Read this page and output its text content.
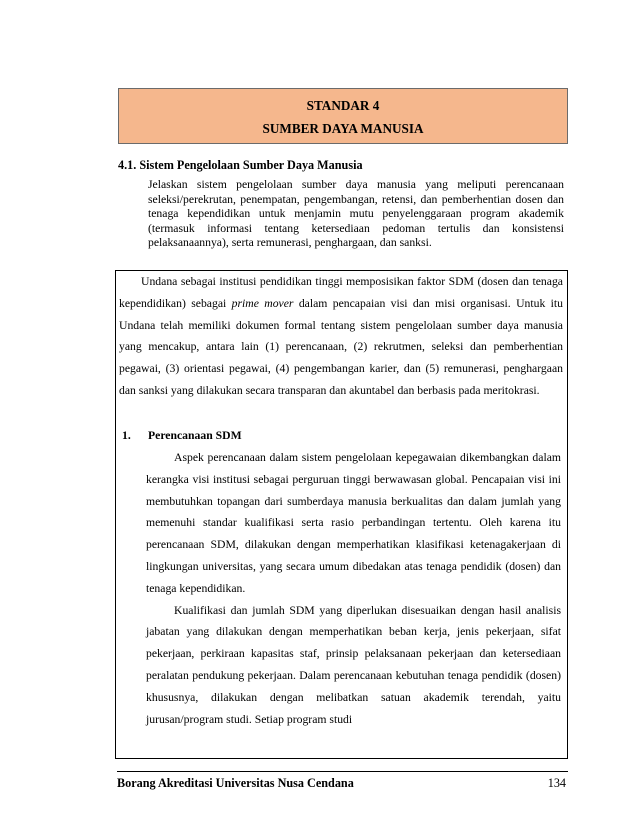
STANDAR 4
SUMBER DAYA MANUSIA
4.1. Sistem Pengelolaan Sumber Daya Manusia

Jelaskan sistem pengelolaan sumber daya manusia yang meliputi perencanaan seleksi/perekrutan, penempatan, pengembangan, retensi, dan pemberhentian dosen dan tenaga kependidikan untuk menjamin mutu penyelenggaraan program akademik (termasuk informasi tentang ketersediaan pedoman tertulis dan konsistensi pelaksanaannya), serta remunerasi, penghargaan, dan sanksi.

Undana sebagai institusi pendidikan tinggi memposisikan faktor SDM (dosen dan tenaga kependidikan) sebagai prime mover dalam pencapaian visi dan misi organisasi. Untuk itu Undana telah memiliki dokumen formal tentang sistem pengelolaan sumber daya manusia yang mencakup, antara lain (1) perencanaan, (2) rekrutmen, seleksi dan pemberhentian pegawai, (3) orientasi pegawai, (4) pengembangan karier, dan (5) remunerasi, penghargaan dan sanksi yang dilakukan secara transparan dan akuntabel dan berbasis pada meritokrasi.

1. Perencanaan SDM

Aspek perencanaan dalam sistem pengelolaan kepegawaian dikembangkan dalam kerangka visi institusi sebagai perguruan tinggi berwawasan global. Pencapaian visi ini membutuhkan topangan dari sumberdaya manusia berkualitas dan dalam jumlah yang memenuhi standar kualifikasi serta rasio perbandingan tertentu. Oleh karena itu perencanaan SDM, dilakukan dengan memperhatikan klasifikasi ketenagakerjaan di lingkungan universitas, yang secara umum dibedakan atas tenaga pendidik (dosen) dan tenaga kependidikan.

Kualifikasi dan jumlah SDM yang diperlukan disesuaikan dengan hasil analisis jabatan yang dilakukan dengan memperhatikan beban kerja, jenis pekerjaan, sifat pekerjaan, perkiraan kapasitas staf, prinsip pelaksanaan pekerjaan dan ketersediaan peralatan pendukung pekerjaan. Dalam perencanaan kebutuhan tenaga pendidik (dosen) khususnya, dilakukan dengan melibatkan satuan akademik terendah, yaitu jurusan/program studi. Setiap program studi

Borang Akreditasi Universitas Nusa Cendana	134
